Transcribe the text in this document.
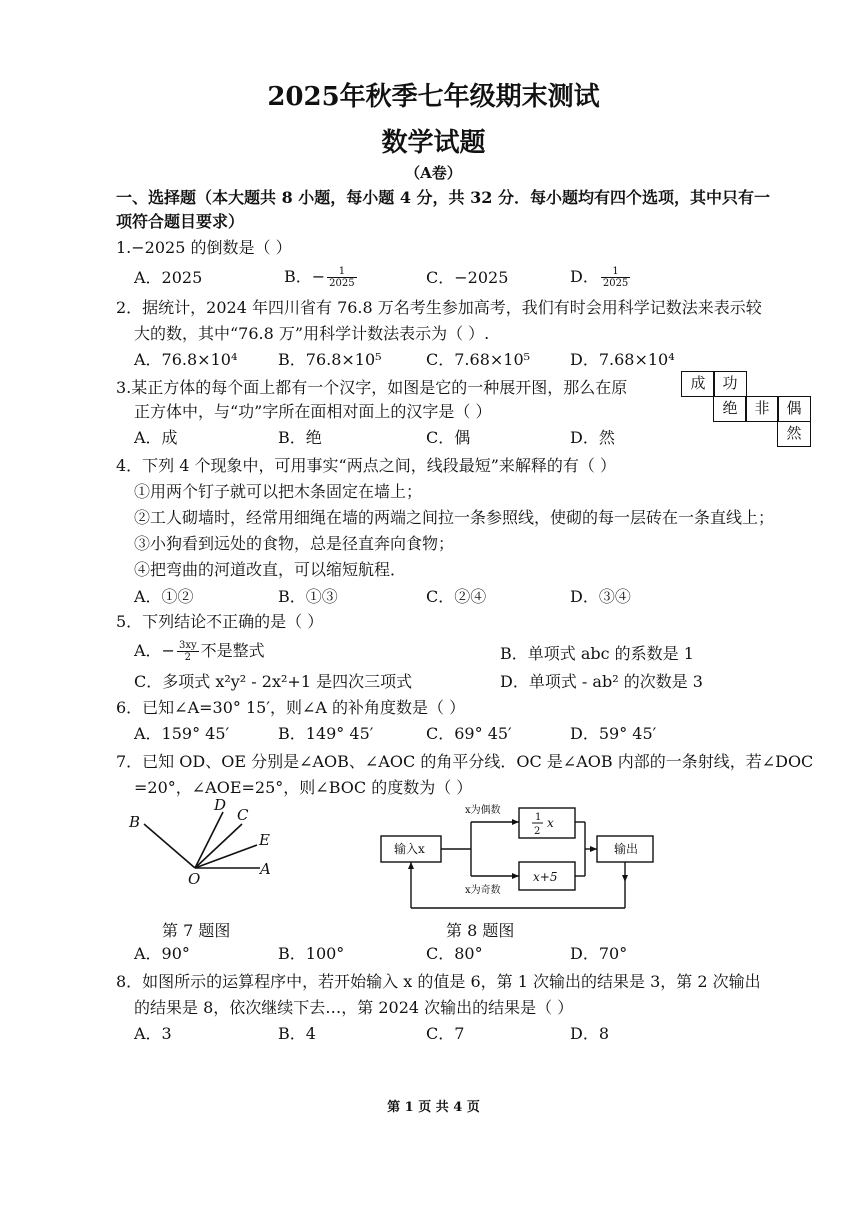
2025年秋季七年级期末测试
数学试题
（A卷）
一、选择题（本大题共 8 小题，每小题 4 分，共 32 分．每小题均有四个选项，其中只有一
项符合题目要求）
1.−2025 的倒数是（ ）
A．2025	B．− $\frac{1}{2025}$	C．−2025	D． $\frac{1}{2025}$
2．据统计，2024 年四川省有 76.8 万名考生参加高考，我们有时会用科学记数法来表示较
大的数，其中“76.8 万”用科学计数法表示为（ ）.
A．76.8×10⁴	B．76.8×10⁵	C．7.68×10⁵ D．7.68×10⁴
3.某正方体的每个面上都有一个汉字，如图是它的一种展开图，那么在原
正方体中，与“功”字所在面相对面上的汉字是（ ）
A．成	B．绝	C．偶	D．然
成	功
绝	非	偶
然
4．下列 4 个现象中，可用事实“两点之间，线段最短”来解释的有（ ）
①用两个钉子就可以把木条固定在墙上；
②工人砌墙时，经常用细绳在墙的两端之间拉一条参照线，使砌的每一层砖在一条直线上；
③小狗看到远处的食物，总是径直奔向食物；
④把弯曲的河道改直，可以缩短航程．
A．①②	B．①③	C．②④	D．③④
5．下列结论不正确的是（ ）
A．− $\frac{3xy}{2}$ 不是整式	B．单项式 abc 的系数是 1
C．多项式 x²y² - 2x²+1 是四次三项式	D．单项式 - ab² 的次数是 3
6．已知∠A=30° 15′，则∠A 的补角度数是（ ）
A．159° 45′	B．149° 45′	C．69° 45′	D．59° 45′
7．已知 OD、OE 分别是∠AOB、∠AOC 的角平分线．OC 是∠AOB 内部的一条射线，若∠DOC
=20°，∠AOE=25°，则∠BOC 的度数为（ ）
B
D
C
E
A
O
第 7 题图
输入x
x为偶数
x为奇数
1
2
x
x+5
输出
第 8 题图
A．90°	B．100°	C．80°	D．70°
8．如图所示的运算程序中，若开始输入 x 的值是 6，第 1 次输出的结果是 3，第 2 次输出
的结果是 8，依次继续下去…，第 2024 次输出的结果是（ ）
A．3	B．4	C．7	D．8
第 1 页 共 4 页
